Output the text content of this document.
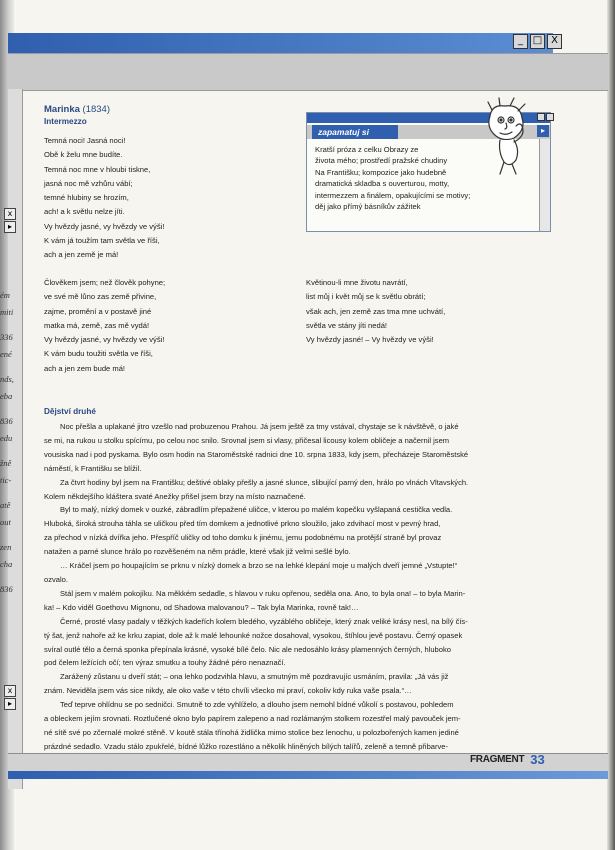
_ □ X
x
▸
x
▸
ém
miti
336
ené
nds,
eba
836
edu
žně
tic-
atě
out
zen
cha
836
Marinka (1834)
Intermezzo
Temná noci! Jasná noci!
Obě k želu mne budíte.
Temná noc mne v hloubi tiskne,
jasná noc mě vzhůru vábí;
temné hlubiny se hrozím,
ach! a k světlu nelze jíti.
Vy hvězdy jasné, vy hvězdy ve výši!
K vám já toužím tam světla ve říši,
ach a jen země je má!
Člověkem jsem; než člověk pohyne;
ve své mě lůno zas země přivine,
zajme, promění a v postavě jiné
matka má, země, zas mě vydá!
Vy hvězdy jasné, vy hvězdy ve výši!
K vám budu toužiti světla ve říši,
ach a jen zem bude má!
Květinou-li mne životu navrátí,
list můj i květ můj se k světlu obrátí;
však ach, jen země zas tma mne uchvátí,
světla ve stány jíti nedá!
Vy hvězdy jasné! – Vy hvězdy ve výši!
zapamatuj si	▸
Kratší próza z celku Obrazy ze
života mého; prostředí pražské chudiny
Na Františku; kompozice jako hudebně
dramatická skladba s ouverturou, motty,
intermezzem a finálem, opakujícími se motivy;
děj jako přímý básníkův zážitek
Dějství druhé
Noc přešla a uplakané jitro vzešlo nad probuzenou Prahou. Já jsem ještě za tmy vstával, chystaje se k návštěvě, o jaké
se mi, na rukou u stolku spícímu, po celou noc snilo. Srovnal jsem si vlasy, přičesal licousy kolem obličeje a načernil jsem
vousiska nad i pod pyskama. Bylo osm hodin na Staroměstské radnici dne 10. srpna 1833, kdy jsem, přecházeje Staroměstské
náměstí, k Františku se blížil.
Za čtvrt hodiny byl jsem na Františku; deštivé oblaky přešly a jasné slunce, slibující parný den, hrálo po vlnách Vltavských.
Kolem někdejšího kláštera svaté Anežky přišel jsem brzy na místo naznačené.
Byl to malý, nízký domek v ouzké, zábradlím přepažené uličce, v kterou po malém kopečku vyšlapaná cestička vedla.
Hluboká, široká strouha táhla se uličkou před tím domkem a jednotlivé prkno sloužilo, jako zdvihací most v pevný hrad,
za přechod v nízká dvířka jeho. Přespříč uličky od toho domku k jinému, jemu podobnému na protější straně byl provaz
natažen a parné slunce hrálo po rozvěšeném na něm prádle, které však již velmi sešlé bylo.
… Kráčel jsem po houpajícím se prknu v nízký domek a brzo se na lehké klepání moje u malých dveří jemné „Vstupte!“
ozvalo.
Stál jsem v malém pokojíku. Na měkkém sedadle, s hlavou v ruku opřenou, seděla ona. Ano, to byla ona! – to byla Marin-
ka! – Kdo viděl Goethovu Mignonu, od Shadowa malovanou? – Tak byla Marinka, rovně tak!…
Černé, prosté vlasy padaly v těžkých kadeřích kolem bledého, vyzáblého obličeje, který znak veliké krásy nesl, na bílý čís-
tý šat, jenž nahoře až ke krku zapiat, dole až k malé lehounké nožce dosahoval, vysokou, štíhlou jevě postavu. Černý opasek
svíral outlé tělo a černá sponka přepínala krásné, vysoké bílé čelo. Nic ale nedosáhlo krásy plamenných černých, hluboko
pod čelem ležících očí; ten výraz smutku a touhy žádné péro nenaznačí.
Zarážený zůstanu u dveří stát; – ona lehko podzvihla hlavu, a smutným mě pozdravujíc usmáním, pravila: „Já vás již
znám. Neviděla jsem vás sice nikdy, ale oko vaše v této chvíli všecko mi praví, cokoliv kdy ruka vaše psala.“…
Teď teprve ohlídnu se po sedničci. Smutně to zde vyhlíželo, a dlouho jsem nemohl bídné vůkolí s postavou, pohledem
a obleckem jejím srovnati. Roztlučené okno bylo papírem zalepeno a nad rozlámaným stolkem rozestřel malý pavouček jem-
né sítě své po zčernalé mokré stěně. V koutě stála třínohá židlička mimo stolice bez lenochu, u polozbořených kamen jediné
prázdné sedadlo. Vzadu stálo zpukřelé, bídné lůžko rozestláno a několik hliněných bílých talířů, zeleně a temně přibarve-
FRAGMENT 33
